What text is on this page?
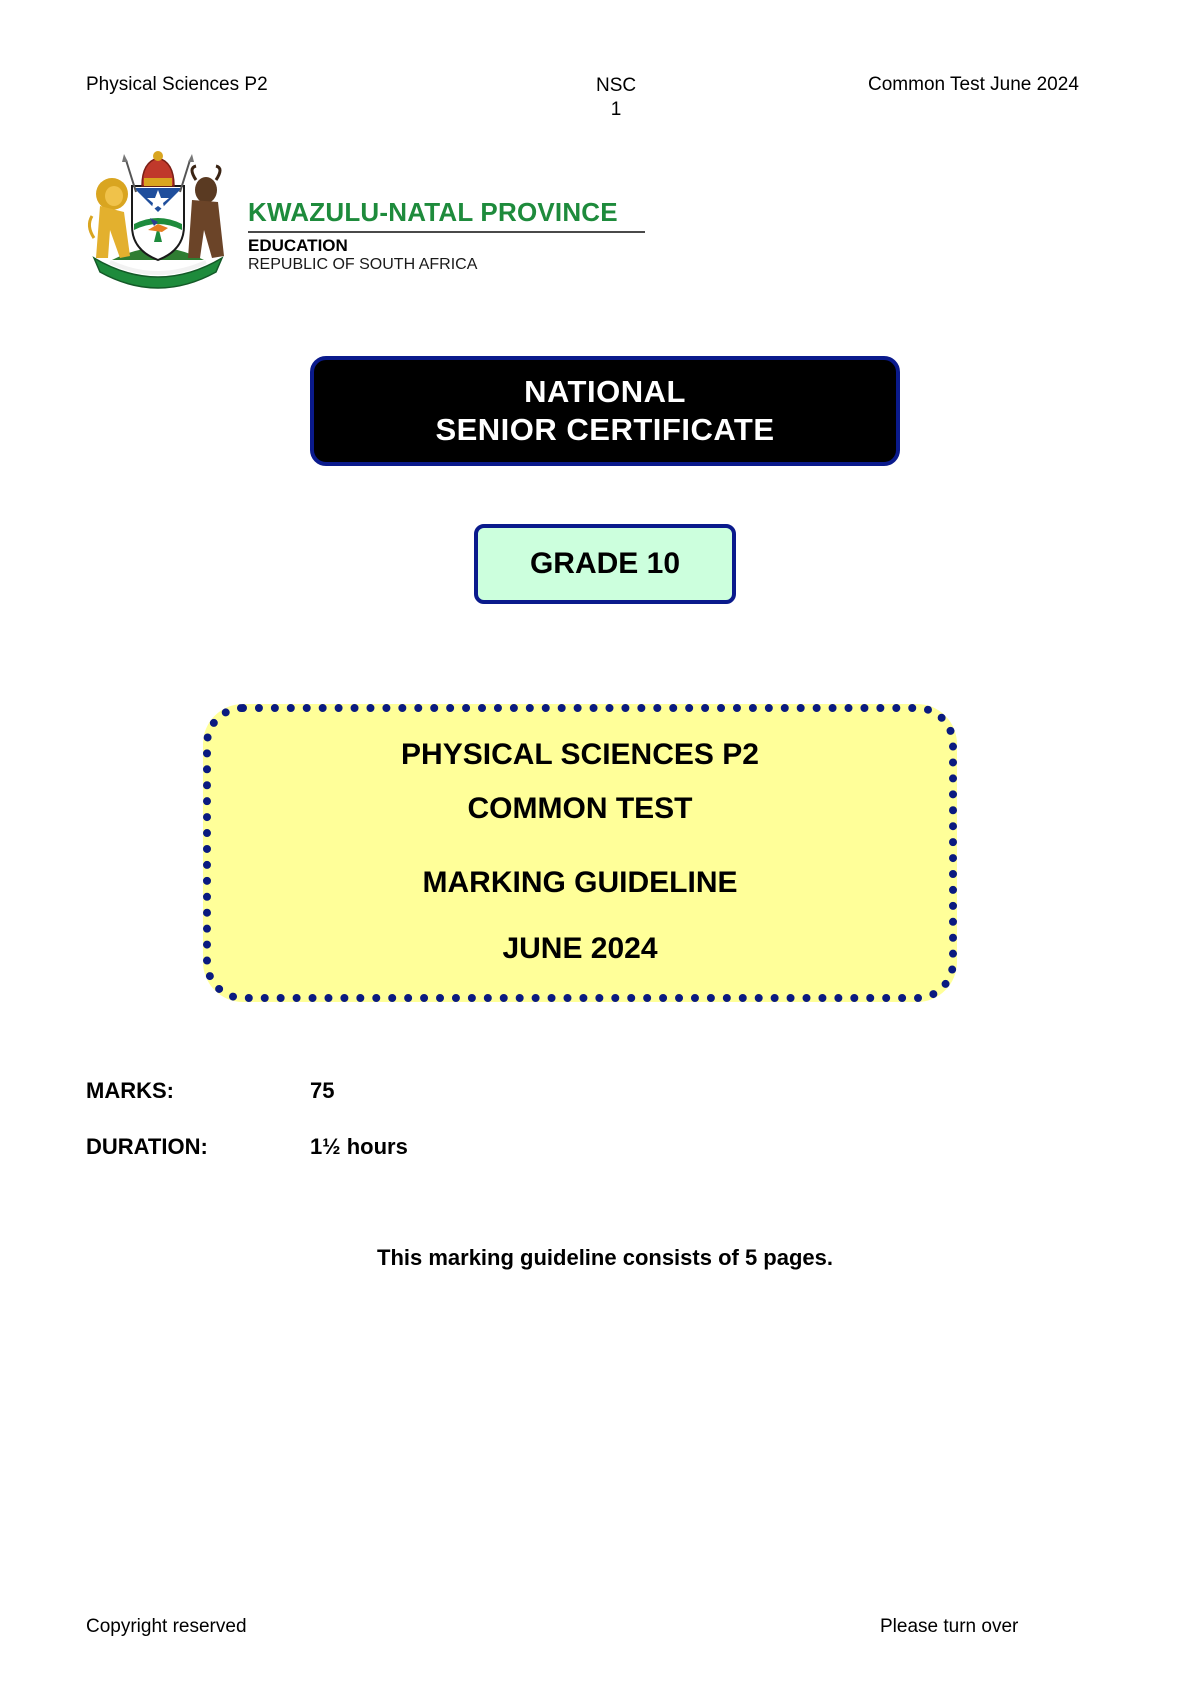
Physical Sciences P2	NSC
1
Common Test June 2024
KWAZULU-NATAL PROVINCE
EDUCATION
REPUBLIC OF SOUTH AFRICA
NATIONAL
SENIOR CERTIFICATE
GRADE 10
PHYSICAL SCIENCES P2
COMMON TEST
MARKING GUIDELINE
JUNE 2024
MARKS:	75
DURATION:	1½ hours
This marking guideline consists of 5 pages.
Copyright reserved	Please turn over
